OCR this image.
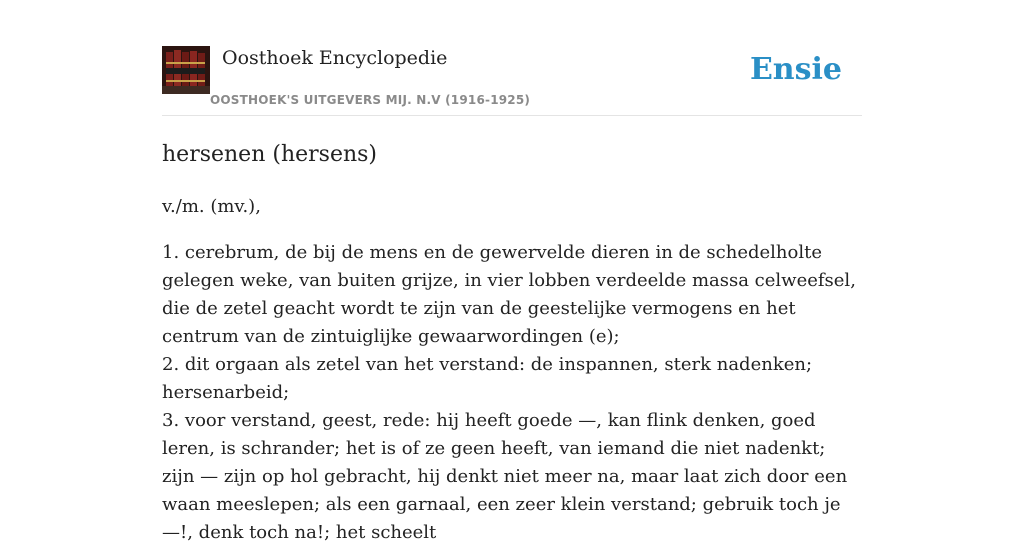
Oosthoek Encyclopedie
OOSTHOEK'S UITGEVERS MIJ. N.V (1916-1925)
Ensie
hersenen (hersens)

v./m. (mv.),

1. cerebrum, de bij de mens en de gewervelde dieren in de schedelholte gelegen weke, van buiten grijze, in vier lobben verdeelde massa celweefsel, die de zetel geacht wordt te zijn van de geestelijke vermogens en het centrum van de zintuiglijke gewaarwordingen (e);
2. dit orgaan als zetel van het verstand: de inspannen, sterk nadenken; hersenarbeid;
3. voor verstand, geest, rede: hij heeft goede —, kan flink denken, goed leren, is schrander; het is of ze geen heeft, van iemand die niet nadenkt; zijn — zijn op hol gebracht, hij denkt niet meer na, maar laat zich door een waan meeslepen; als een garnaal, een zeer klein verstand; gebruik toch je —!, denk toch na!; het scheelt
